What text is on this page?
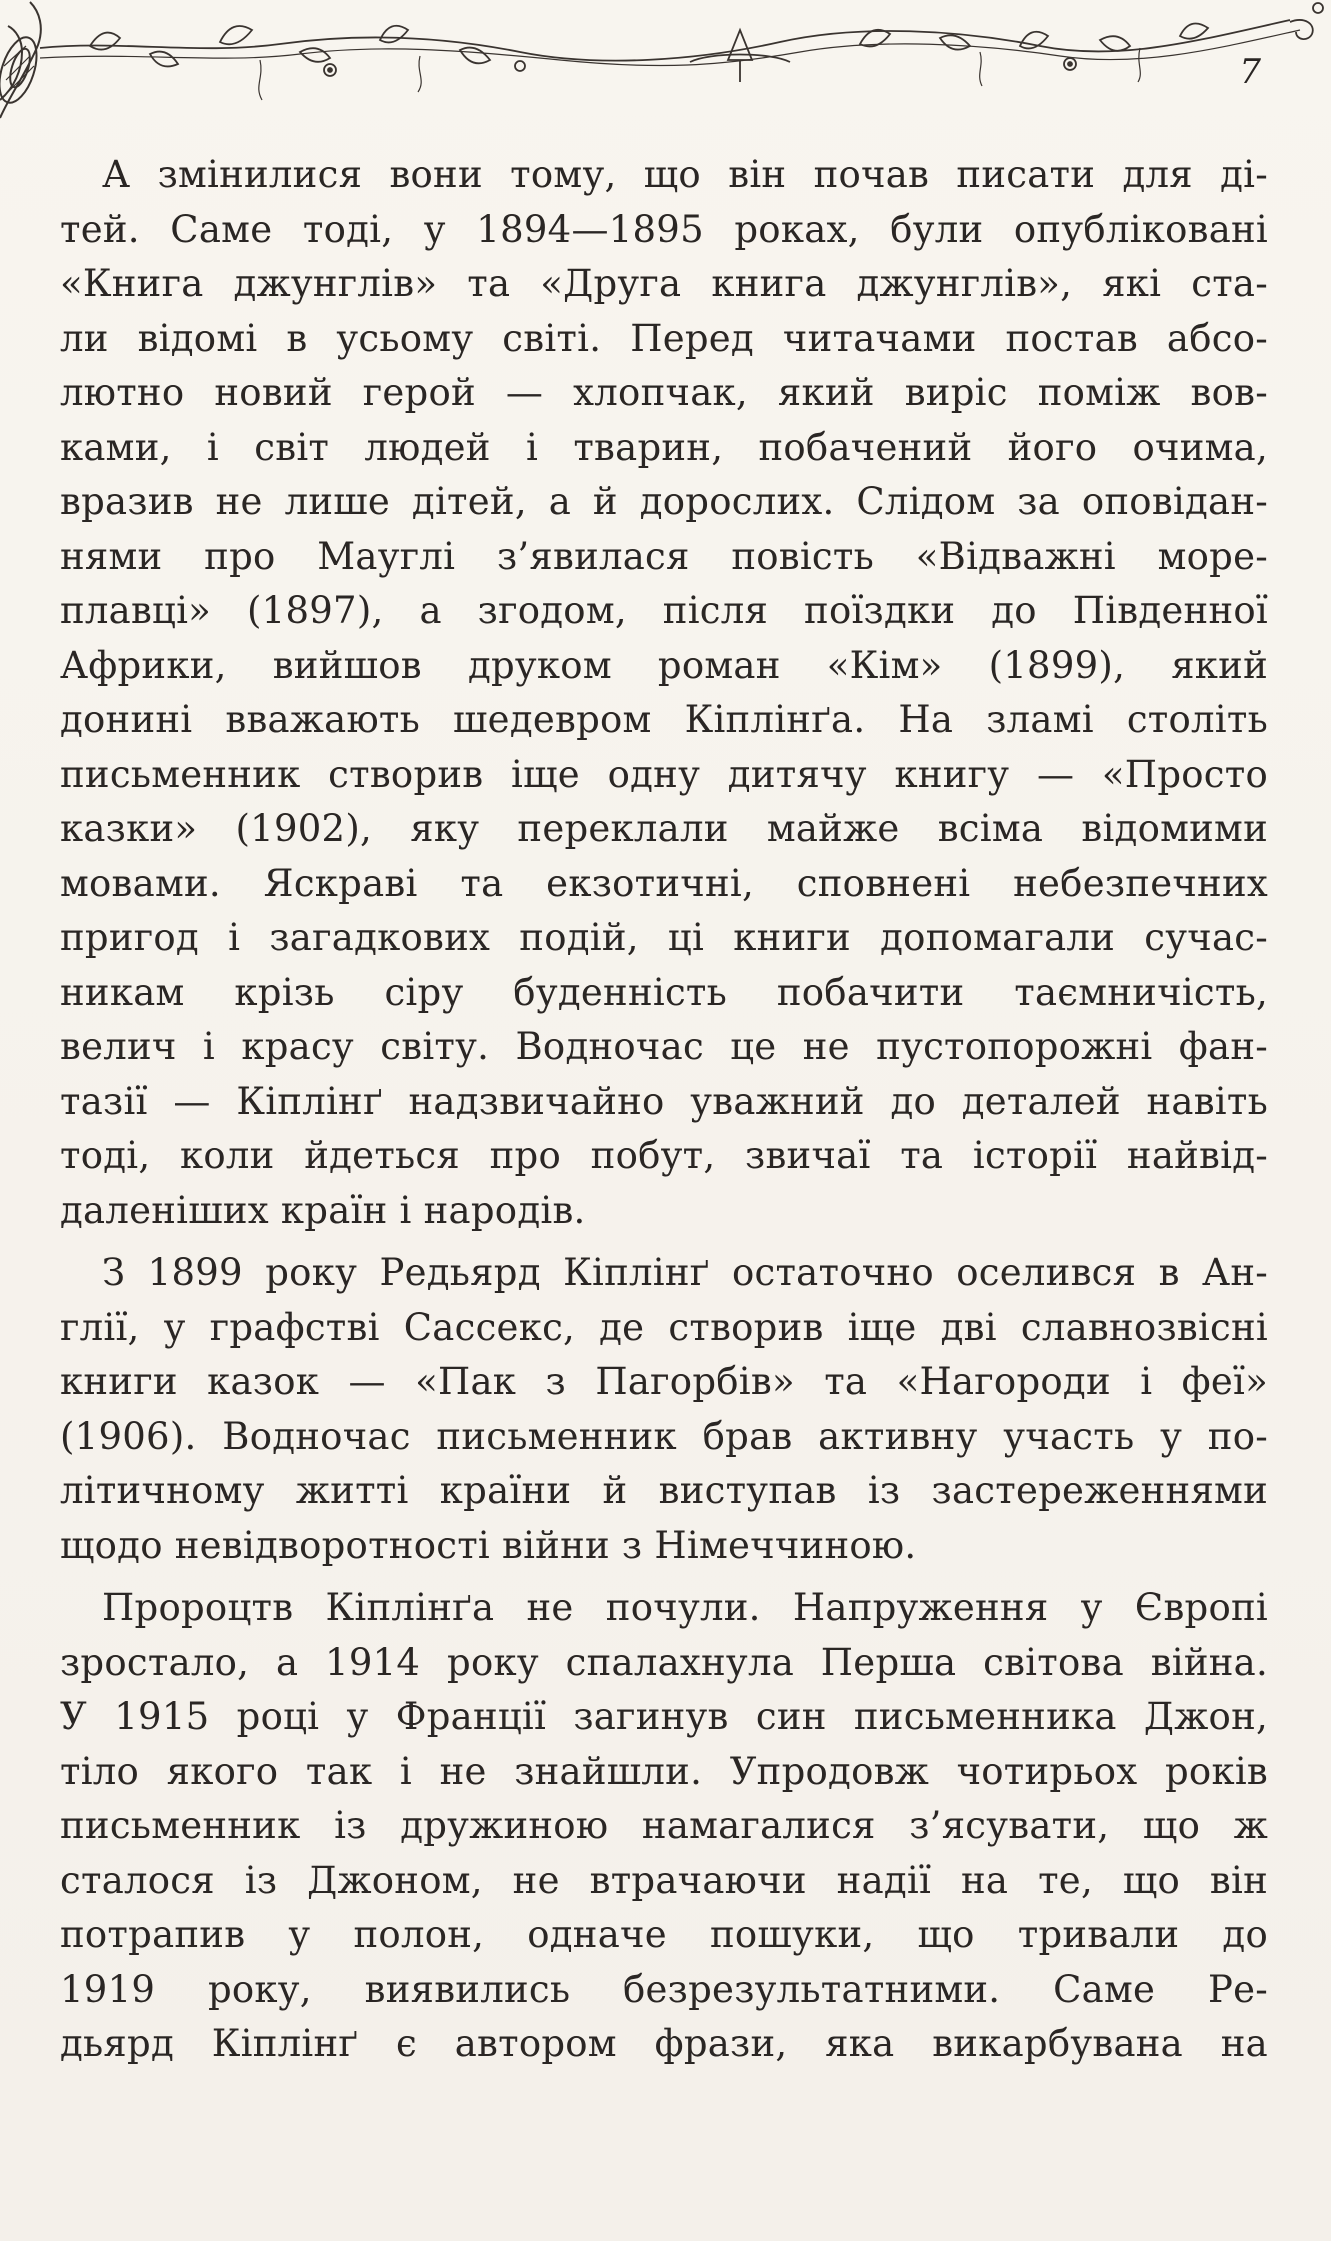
7
А змінилися вони тому, що він почав писати для ді-
тей. Саме тоді, у 1894—1895 роках, були опубліковані
«Книга джунглів» та «Друга книга джунглів», які ста-
ли відомі в усьому світі. Перед читачами постав абсо-
лютно новий герой — хлопчак, який виріс поміж вов-
ками, і світ людей і тварин, побачений його очима,
вразив не лише дітей, а й дорослих. Слідом за оповідан-
нями про Мауглі з’явилася повість «Відважні море-
плавці» (1897), а згодом, після поїздки до Південної
Африки, вийшов друком роман «Кім» (1899), який
донині вважають шедевром Кіплінґа. На зламі століть
письменник створив іще одну дитячу книгу — «Просто
казки» (1902), яку переклали майже всіма відомими
мовами. Яскраві та екзотичні, сповнені небезпечних
пригод і загадкових подій, ці книги допомагали сучас-
никам крізь сіру буденність побачити таємничість,
велич і красу світу. Водночас це не пустопорожні фан-
тазії — Кіплінґ надзвичайно уважний до деталей навіть
тоді, коли йдеться про побут, звичаї та історії найвід-
даленіших країн і народів.
З 1899 року Редьярд Кіплінґ остаточно оселився в Ан-
глії, у графстві Сассекс, де створив іще дві славнозвісні
книги казок — «Пак з Пагорбів» та «Нагороди і феї»
(1906). Водночас письменник брав активну участь у по-
літичному житті країни й виступав із застереженнями
щодо невідворотності війни з Німеччиною.
Пророцтв Кіплінґа не почули. Напруження у Європі
зростало, а 1914 року спалахнула Перша світова війна.
У 1915 році у Франції загинув син письменника Джон,
тіло якого так і не знайшли. Упродовж чотирьох років
письменник із дружиною намагалися з’ясувати, що ж
сталося із Джоном, не втрачаючи надії на те, що він
потрапив у полон, одначе пошуки, що тривали до
1919 року, виявились безрезультатними. Саме Ре-
дьярд Кіплінґ є автором фрази, яка викарбувана на
